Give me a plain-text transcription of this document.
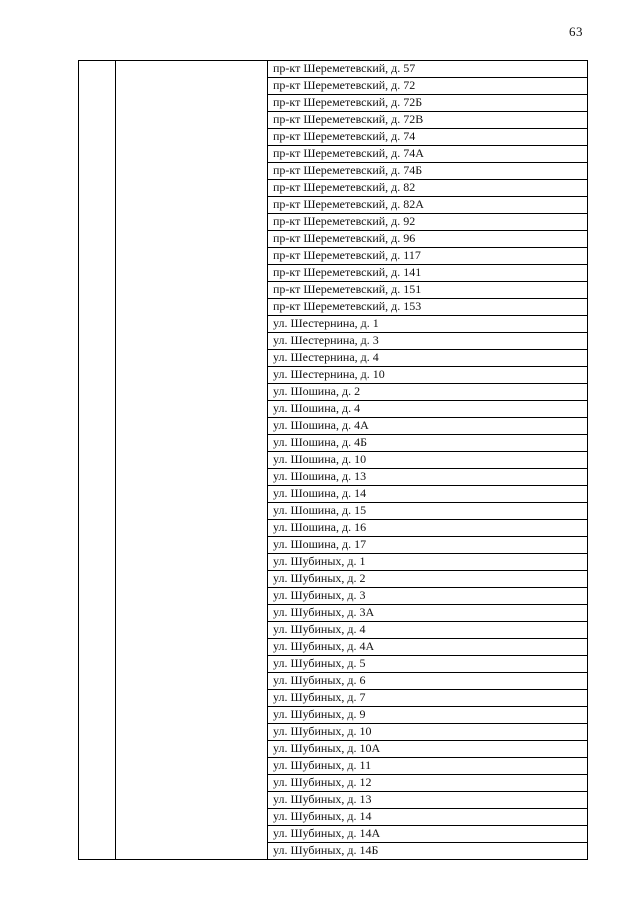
63
		пр-кт Шереметевский, д. 57
пр-кт Шереметевский, д. 72
пр-кт Шереметевский, д. 72Б
пр-кт Шереметевский, д. 72В
пр-кт Шереметевский, д. 74
пр-кт Шереметевский, д. 74А
пр-кт Шереметевский, д. 74Б
пр-кт Шереметевский, д. 82
пр-кт Шереметевский, д. 82А
пр-кт Шереметевский, д. 92
пр-кт Шереметевский, д. 96
пр-кт Шереметевский, д. 117
пр-кт Шереметевский, д. 141
пр-кт Шереметевский, д. 151
пр-кт Шереметевский, д. 153
ул. Шестернина, д. 1
ул. Шестернина, д. 3
ул. Шестернина, д. 4
ул. Шестернина, д. 10
ул. Шошина, д. 2
ул. Шошина, д. 4
ул. Шошина, д. 4А
ул. Шошина, д. 4Б
ул. Шошина, д. 10
ул. Шошина, д. 13
ул. Шошина, д. 14
ул. Шошина, д. 15
ул. Шошина, д. 16
ул. Шошина, д. 17
ул. Шубиных, д. 1
ул. Шубиных, д. 2
ул. Шубиных, д. 3
ул. Шубиных, д. 3А
ул. Шубиных, д. 4
ул. Шубиных, д. 4А
ул. Шубиных, д. 5
ул. Шубиных, д. 6
ул. Шубиных, д. 7
ул. Шубиных, д. 9
ул. Шубиных, д. 10
ул. Шубиных, д. 10А
ул. Шубиных, д. 11
ул. Шубиных, д. 12
ул. Шубиных, д. 13
ул. Шубиных, д. 14
ул. Шубиных, д. 14А
ул. Шубиных, д. 14Б
